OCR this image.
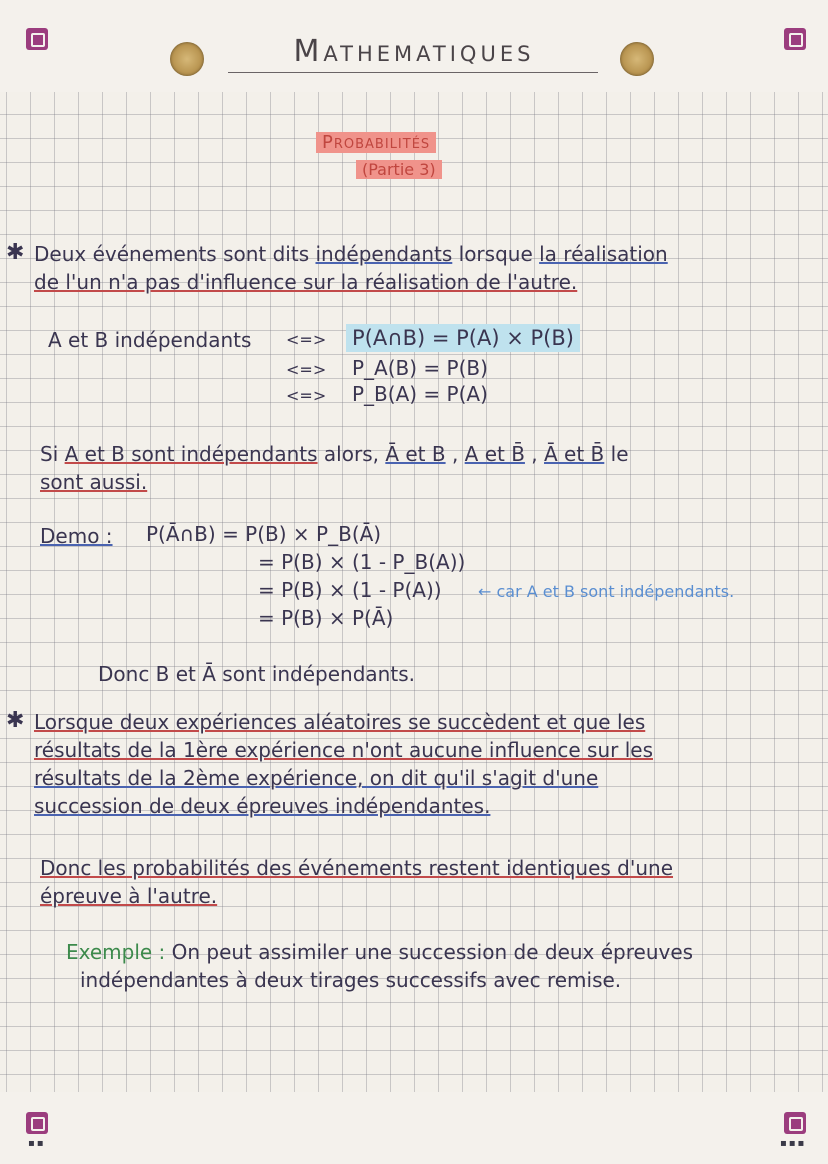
▪▪	▪▪▪
Mathematiques
Probabilités
(Partie 3)
✱ Deux événements sont dits indépendants lorsque la réalisation
de l'un n'a pas d'influence sur la réalisation de l'autre.
A et B indépendants <=> P(A∩B) = P(A) × P(B)
<=> P_A(B) = P(B)
<=> P_B(A) = P(A)
Si A et B sont indépendants alors, Ā et B , A et B̄ , Ā et B̄ le
sont aussi.
Demo : P(Ā∩B) = P(B) × P_B(Ā)
= P(B) × (1 - P_B(A))
= P(B) × (1 - P(A)) ← car A et B sont indépendants.
= P(B) × P(Ā)
Donc B et Ā sont indépendants.
✱ Lorsque deux expériences aléatoires se succèdent et que les
résultats de la 1ère expérience n'ont aucune influence sur les
résultats de la 2ème expérience, on dit qu'il s'agit d'une
succession de deux épreuves indépendantes.
Donc les probabilités des événements restent identiques d'une
épreuve à l'autre.
Exemple : On peut assimiler une succession de deux épreuves
indépendantes à deux tirages successifs avec remise.
